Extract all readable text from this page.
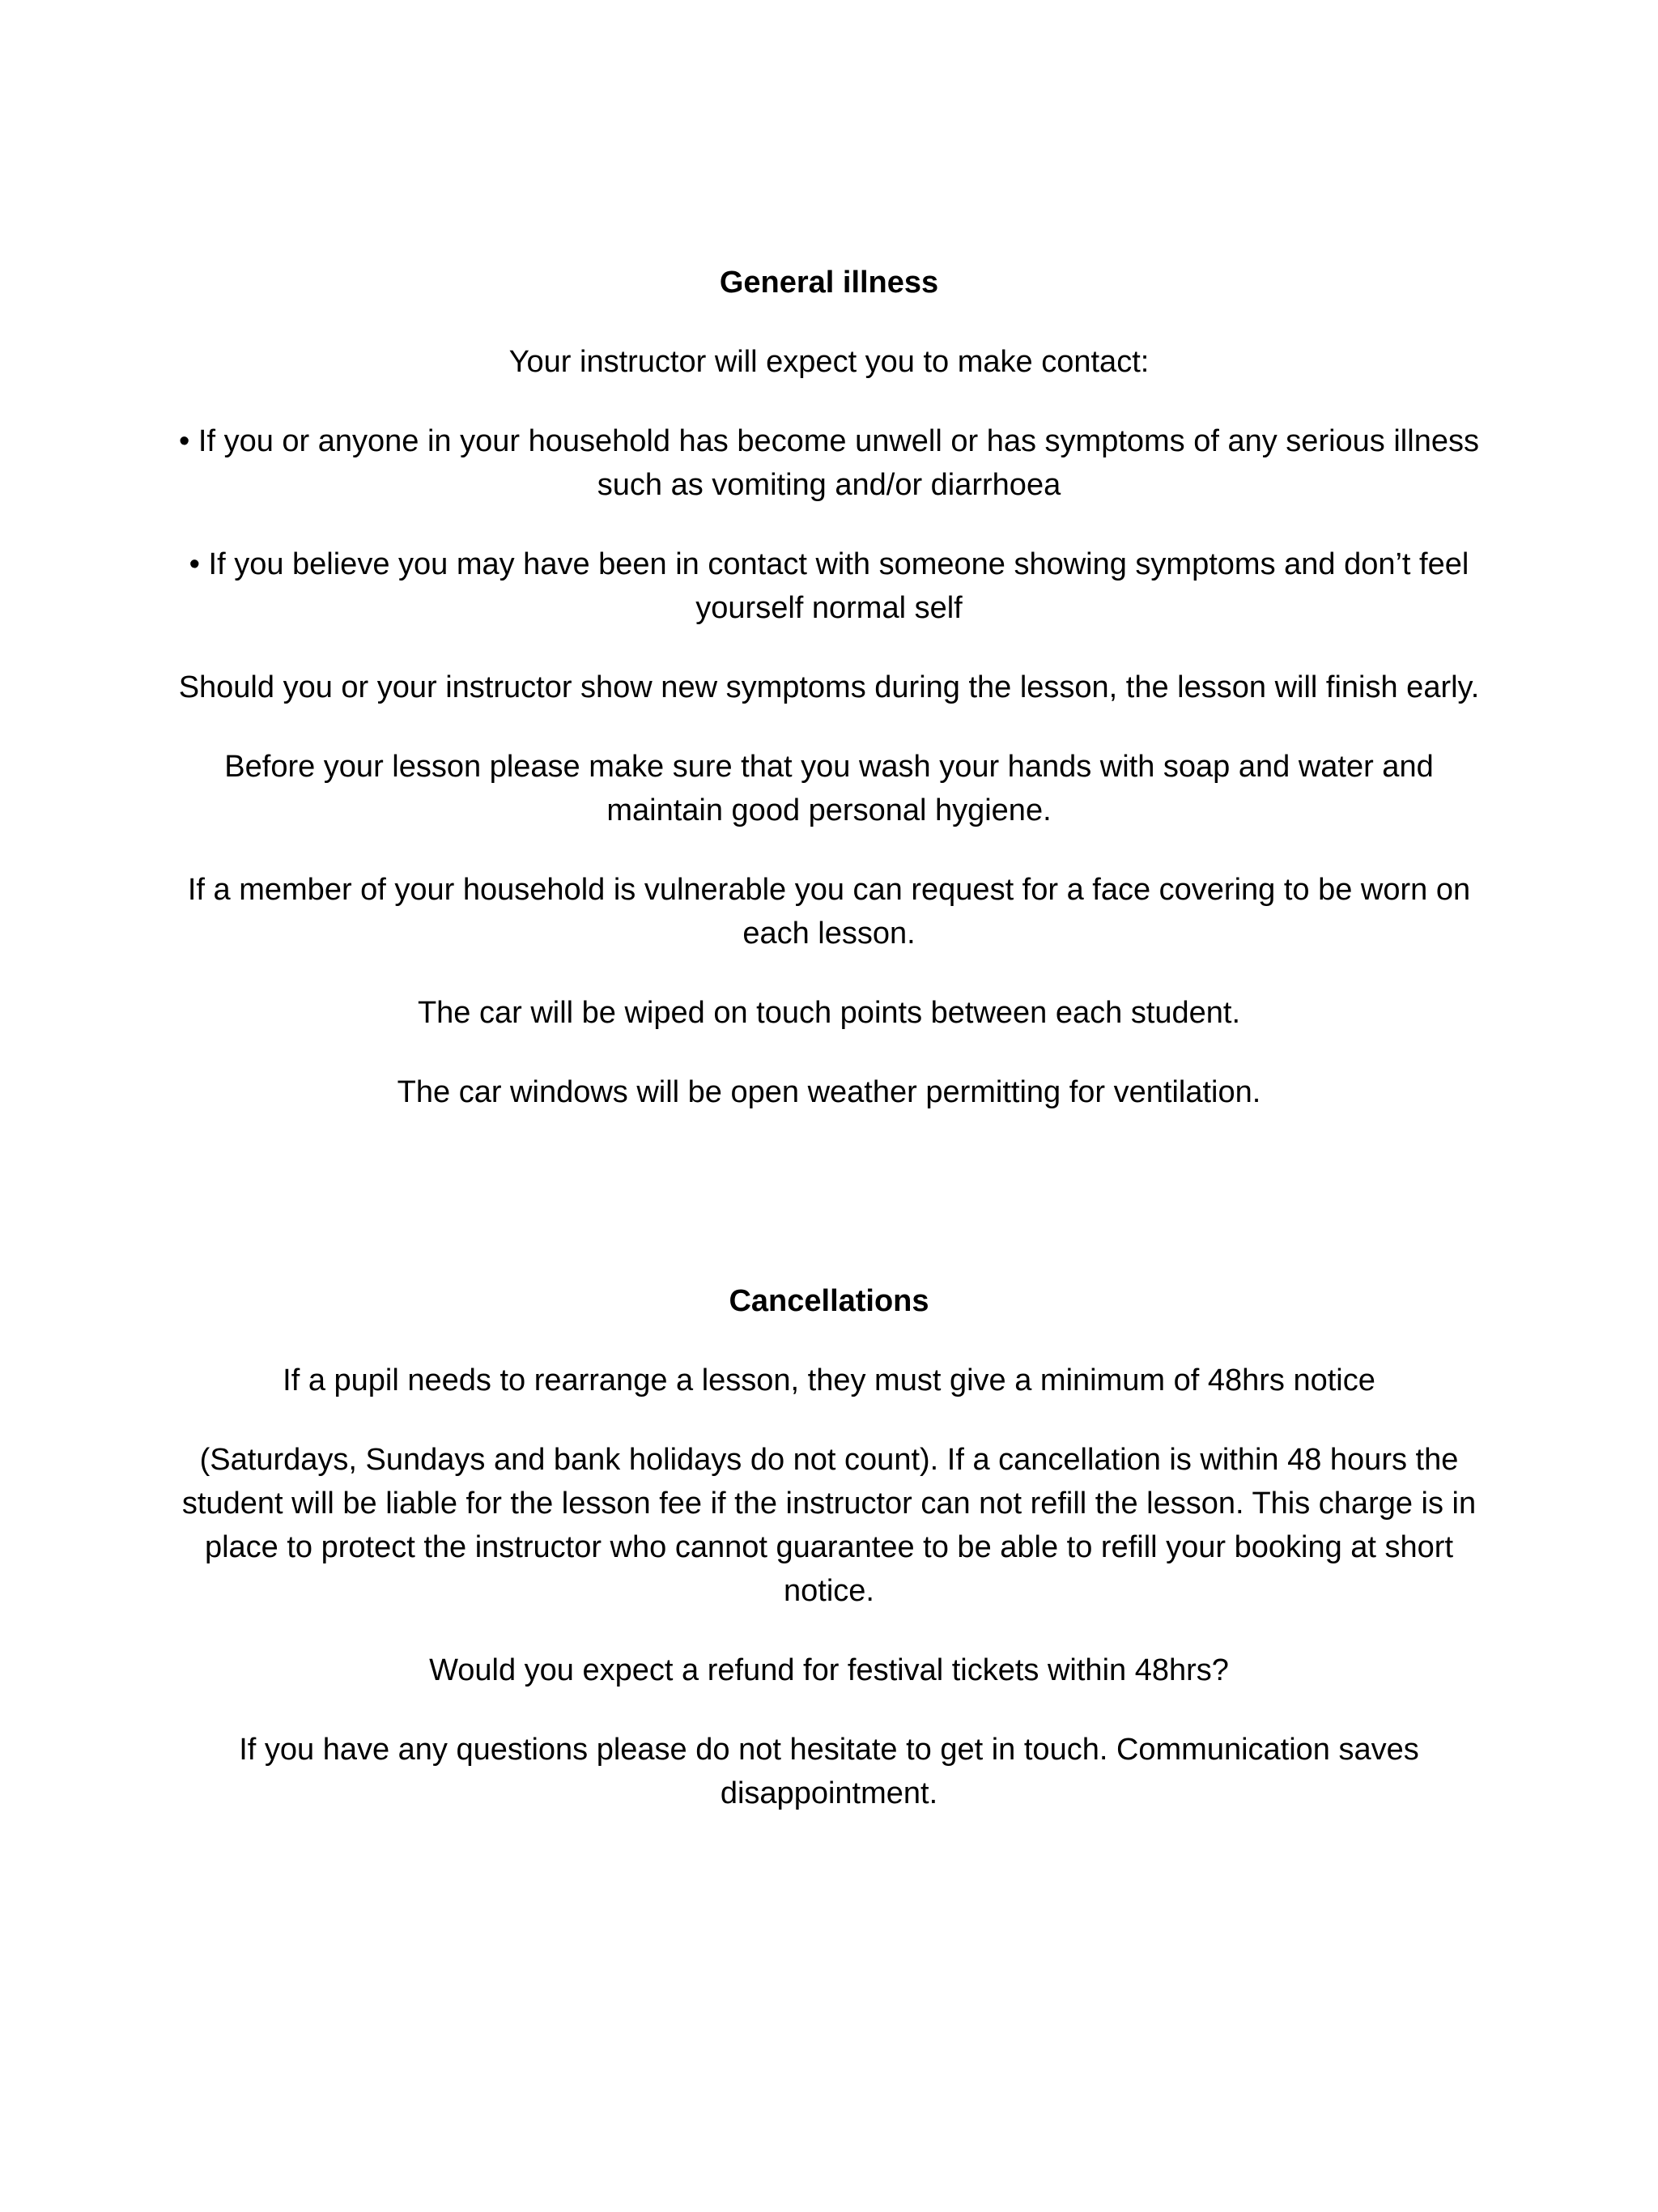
General illness
Your instructor will expect you to make contact:
• If you or anyone in your household has become unwell or has symptoms of any serious illness such as vomiting and/or diarrhoea
• If you believe you may have been in contact with someone showing symptoms and don’t feel yourself normal self
Should you or your instructor show new symptoms during the lesson, the lesson will finish early.
Before your lesson please make sure that you wash your hands with soap and water and maintain good personal hygiene.
If a member of your household is vulnerable you can request for a face covering to be worn on each lesson.
The car will be wiped on touch points between each student.
The car windows will be open weather permitting for ventilation.
Cancellations
If a pupil needs to rearrange a lesson, they must give a minimum of 48hrs notice
(Saturdays, Sundays and bank holidays do not count). If a cancellation is within 48 hours the student will be liable for the lesson fee if the instructor can not refill the lesson. This charge is in place to protect the instructor who cannot guarantee to be able to refill your booking at short notice.
Would you expect a refund for festival tickets within 48hrs?
If you have any questions please do not hesitate to get in touch. Communication saves disappointment.
